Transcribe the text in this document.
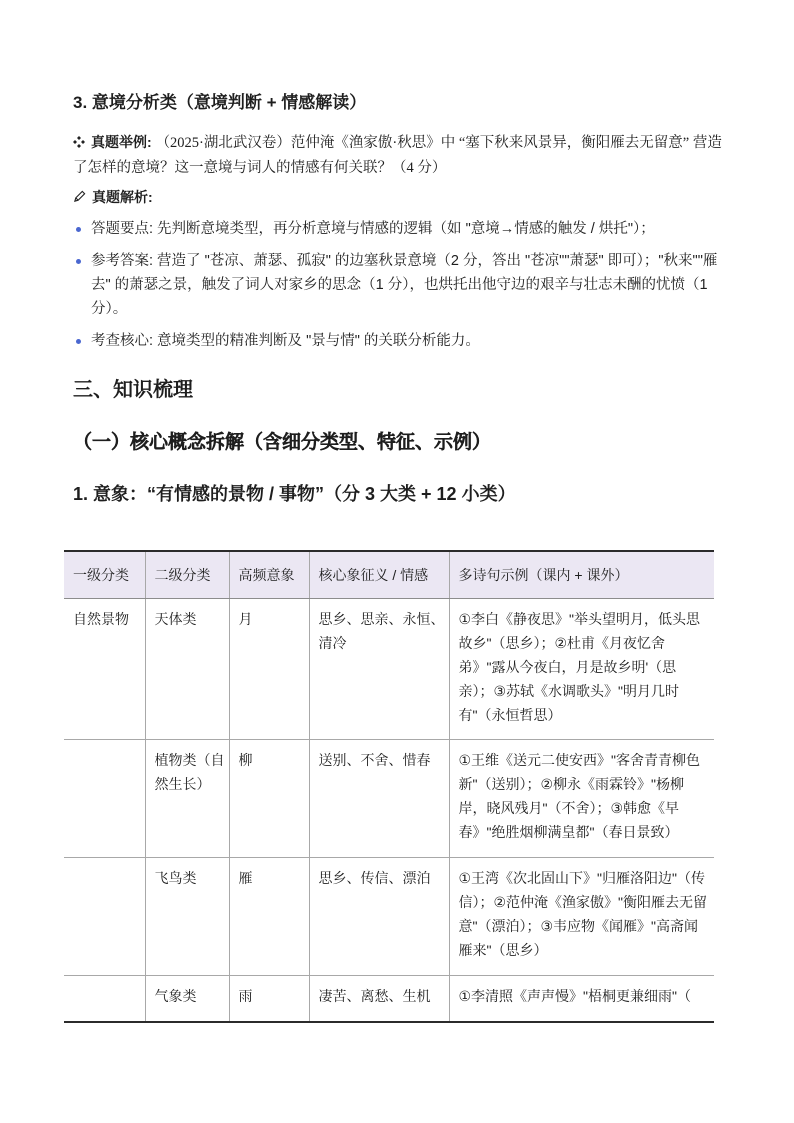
3. 意境分析类（意境判断 + 情感解读）

真题举例: （2025·湖北武汉卷）范仲淹《渔家傲·秋思》中 “塞下秋来风景异，衡阳雁去无留意” 营造了怎样的意境？这一意境与词人的情感有何关联？（4 分）

真题解析:

答题要点: 先判断意境类型，再分析意境与情感的逻辑（如 "意境→情感的触发 / 烘托"）；
参考答案: 营造了 "苍凉、萧瑟、孤寂" 的边塞秋景意境（2 分，答出 "苍凉""萧瑟" 即可）；"秋来""雁去" 的萧瑟之景，触发了词人对家乡的思念（1 分），也烘托出他守边的艰辛与壮志未酬的忧愤（1 分）。
考查核心: 意境类型的精准判断及 "景与情" 的关联分析能力。
三、知识梳理
（一）核心概念拆解（含细分类型、特征、示例）
1. 意象：“有情感的景物 / 事物”（分 3 大类 + 12 小类）
一级分类	二级分类	高频意象	核心象征义 / 情感	多诗句示例（课内 + 课外）

自然景物	天体类	月	思乡、思亲、永恒、清冷	①李白《静夜思》"举头望明月，低头思故乡"（思乡）；②杜甫《月夜忆舍弟》"露从今夜白，月是故乡明'（思亲）；③苏轼《水调歌头》"明月几时有"（永恒哲思）

	植物类（自然生长）	柳	送别、不舍、惜春	①王维《送元二使安西》"客舍青青柳色新"（送别）；②柳永《雨霖铃》"杨柳岸，晓风残月"（不舍）；③韩愈《早春》"绝胜烟柳满皇都"（春日景致）

	飞鸟类	雁	思乡、传信、漂泊	①王湾《次北固山下》"归雁洛阳边"（传信）；②范仲淹《渔家傲》"衡阳雁去无留意"（漂泊）；③韦应物《闻雁》"高斋闻雁来"（思乡）

	气象类	雨	凄苦、离愁、生机	①李清照《声声慢》"梧桐更兼细雨"（
